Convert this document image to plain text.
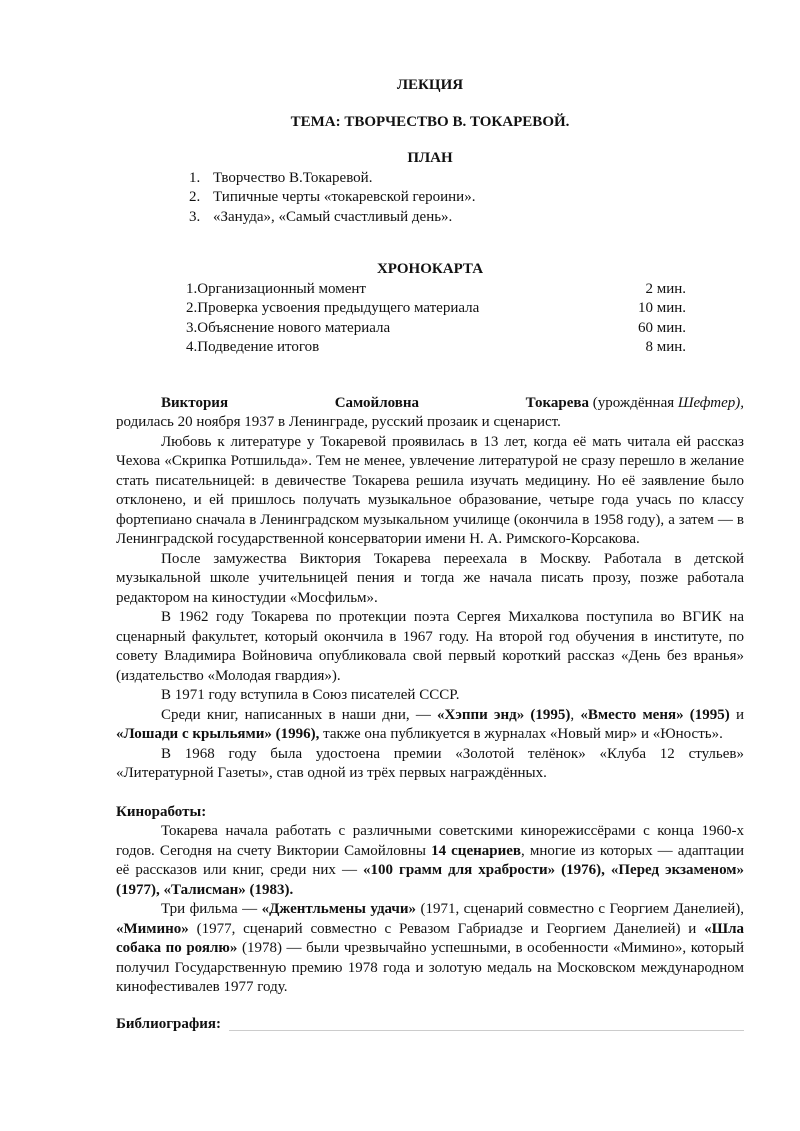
ЛЕКЦИЯ

ТЕМА: ТВОРЧЕСТВО В. ТОКАРЕВОЙ.

ПЛАН

1. Творчество В.Токаревой.
2. Типичные черты «токаревской героини».
3. «Зануда», «Самый счастливый день».

ХРОНОКАРТА

1.Организационный момент	2 мин.
2.Проверка усвоения предыдущего материала	10 мин.
3.Объяснение нового материала	60 мин.
4.Подведение итогов	8 мин.
Виктория	Самойловна	Токарева (урождённая Шефтер),

родилась 20 ноября 1937 в Ленинграде, русский прозаик и сценарист.

Любовь к литературе у Токаревой проявилась в 13 лет, когда её мать читала ей рассказ Чехова «Скрипка Ротшильда». Тем не менее, увлечение литературой не сразу перешло в желание стать писательницей: в девичестве Токарева решила изучать медицину. Но её заявление было отклонено, и ей пришлось получать музыкальное образование, четыре года учась по классу фортепиано сначала в Ленинградском музыкальном училище (окончила в 1958 году), а затем — в Ленинградской государственной консерватории имени Н. А. Римского-Корсакова.

После замужества Виктория Токарева переехала в Москву. Работала в детской музыкальной школе учительницей пения и тогда же начала писать прозу, позже работала редактором на киностудии «Мосфильм».

В 1962 году Токарева по протекции поэта Сергея Михалкова поступила во ВГИК на сценарный факультет, который окончила в 1967 году. На второй год обучения в институте, по совету Владимира Войновича опубликовала свой первый короткий рассказ «День без вранья» (издательство «Молодая гвардия»).

В 1971 году вступила в Союз писателей СССР.

Среди книг, написанных в наши дни, — «Хэппи энд» (1995), «Вместо меня» (1995) и «Лошади с крыльями» (1996), также она публикуется в журналах «Новый мир» и «Юность».

В 1968 году была удостоена премии «Золотой телёнок» «Клуба 12 стульев» «Литературной Газеты», став одной из трёх первых награждённых.

Киноработы:

Токарева начала работать с различными советскими кинорежиссёрами с конца 1960-х годов. Сегодня на счету Виктории Самойловны 14 сценариев, многие из которых — адаптации её рассказов или книг, среди них — «100 грамм для храбрости» (1976), «Перед экзаменом» (1977), «Талисман» (1983).

Три фильма — «Джентльмены удачи» (1971, сценарий совместно с Георгием Данелией), «Мимино» (1977, сценарий совместно с Ревазом Габриадзе и Георгием Данелией) и «Шла собака по роялю» (1978) — были чрезвычайно успешными, в особенности «Мимино», который получил Государственную премию 1978 года и золотую медаль на Московском международном кинофестивалев 1977 году.

Библиография:
